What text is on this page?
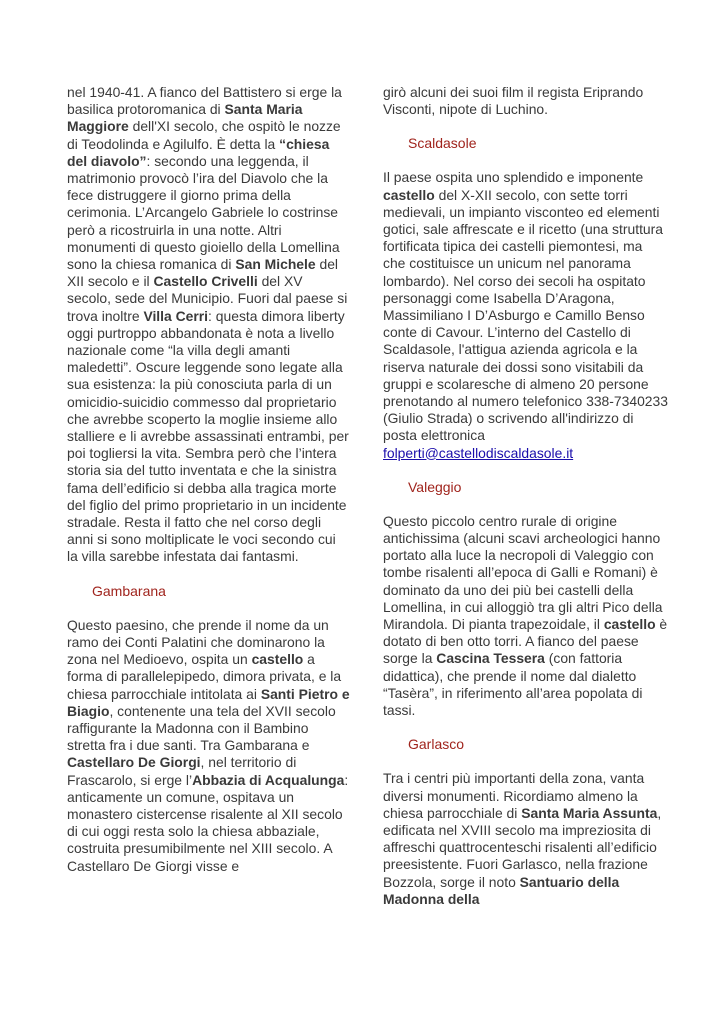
nel 1940-41. A fianco del Battistero si erge la basilica protoromanica di Santa Maria Maggiore dell'XI secolo, che ospitò le nozze di Teodolinda e Agilulfo. È detta la “chiesa del diavolo”: secondo una leggenda, il matrimonio provocò l’ira del Diavolo che la fece distruggere il giorno prima della cerimonia. L’Arcangelo Gabriele lo costrinse però a ricostruirla in una notte. Altri monumenti di questo gioiello della Lomellina sono la chiesa romanica di San Michele del XII secolo e il Castello Crivelli del XV secolo, sede del Municipio. Fuori dal paese si trova inoltre Villa Cerri: questa dimora liberty oggi purtroppo abbandonata è nota a livello nazionale come “la villa degli amanti maledetti”. Oscure leggende sono legate alla sua esistenza: la più conosciuta parla di un omicidio-suicidio commesso dal proprietario che avrebbe scoperto la moglie insieme allo stalliere e li avrebbe assassinati entrambi, per poi togliersi la vita. Sembra però che l’intera storia sia del tutto inventata e che la sinistra fama dell’edificio si debba alla tragica morte del figlio del primo proprietario in un incidente stradale. Resta il fatto che nel corso degli anni si sono moltiplicate le voci secondo cui la villa sarebbe infestata dai fantasmi.

Gambarana

Questo paesino, che prende il nome da un ramo dei Conti Palatini che dominarono la zona nel Medioevo, ospita un castello a forma di parallelepipedo, dimora privata, e la chiesa parrocchiale intitolata ai Santi Pietro e Biagio, contenente una tela del XVII secolo raffigurante la Madonna con il Bambino stretta fra i due santi. Tra Gambarana e Castellaro De Giorgi, nel territorio di Frascarolo, si erge l’Abbazia di Acqualunga: anticamente un comune, ospitava un monastero cistercense risalente al XII secolo di cui oggi resta solo la chiesa abbaziale, costruita presumibilmente nel XIII secolo. A Castellaro De Giorgi visse e

girò alcuni dei suoi film il regista Eriprando Visconti, nipote di Luchino.

Scaldasole

Il paese ospita uno splendido e imponente castello del X-XII secolo, con sette torri medievali, un impianto visconteo ed elementi gotici, sale affrescate e il ricetto (una struttura fortificata tipica dei castelli piemontesi, ma che costituisce un unicum nel panorama lombardo). Nel corso dei secoli ha ospitato personaggi come Isabella D’Aragona, Massimiliano I D’Asburgo e Camillo Benso conte di Cavour. L’interno del Castello di Scaldasole, l'attigua azienda agricola e la riserva naturale dei dossi sono visitabili da gruppi e scolaresche di almeno 20 persone prenotando al numero telefonico 338-7340233 (Giulio Strada) o scrivendo all'indirizzo di posta elettronica folperti@castellodiscaldasole.it

Valeggio

Questo piccolo centro rurale di origine antichissima (alcuni scavi archeologici hanno portato alla luce la necropoli di Valeggio con tombe risalenti all’epoca di Galli e Romani) è dominato da uno dei più bei castelli della Lomellina, in cui alloggiò tra gli altri Pico della Mirandola. Di pianta trapezoidale, il castello è dotato di ben otto torri. A fianco del paese sorge la Cascina Tessera (con fattoria didattica), che prende il nome dal dialetto “Tasèra”, in riferimento all’area popolata di tassi.

Garlasco

Tra i centri più importanti della zona, vanta diversi monumenti. Ricordiamo almeno la chiesa parrocchiale di Santa Maria Assunta, edificata nel XVIII secolo ma impreziosita di affreschi quattrocenteschi risalenti all’edificio preesistente. Fuori Garlasco, nella frazione Bozzola, sorge il noto Santuario della Madonna della
